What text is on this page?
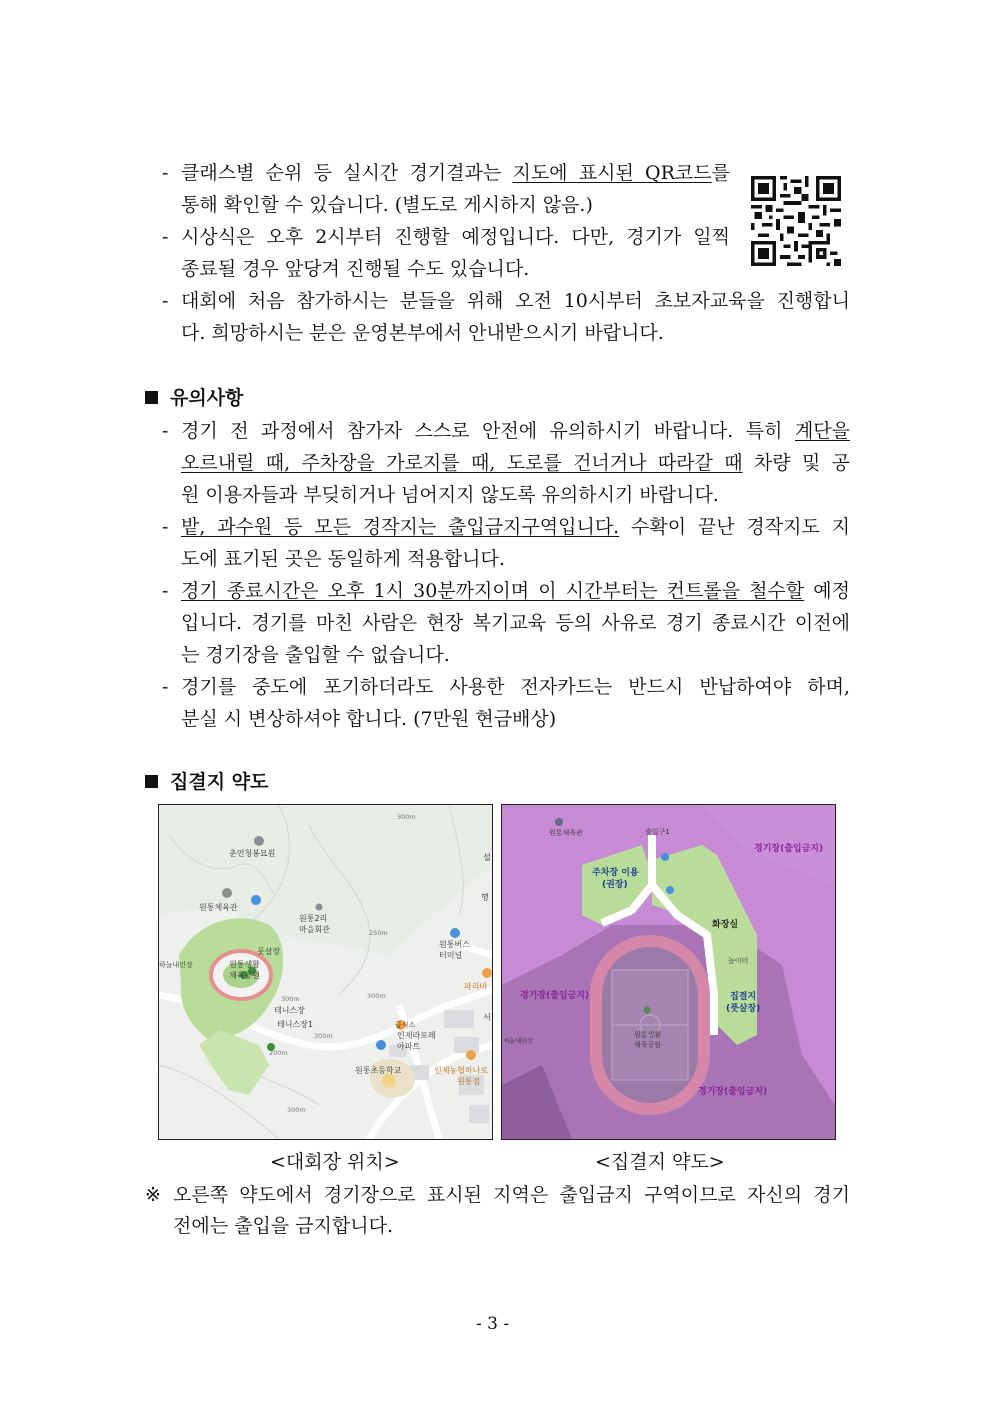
- 클래스별 순위 등 실시간 경기결과는 지도에 표시된 QR코드를
통해 확인할 수 있습니다. (별도로 게시하지 않음.)
- 시상식은 오후 2시부터 진행할 예정입니다. 다만, 경기가 일찍
종료될 경우 앞당겨 진행될 수도 있습니다.
- 대회에 처음 참가하시는 분들을 위해 오전 10시부터 초보자교육을 진행합니
다. 희망하시는 분은 운영본부에서 안내받으시기 바랍니다.
유의사항
- 경기 전 과정에서 참가자 스스로 안전에 유의하시기 바랍니다. 특히 계단을
오르내릴 때, 주차장을 가로지를 때, 도로를 건너거나 따라갈 때 차량 및 공
원 이용자들과 부딪히거나 넘어지지 않도록 유의하시기 바랍니다.
- 밭, 과수원 등 모든 경작지는 출입금지구역입니다. 수확이 끝난 경작지도 지
도에 표기된 곳은 동일하게 적용합니다.
- 경기 종료시간은 오후 1시 30분까지이며 이 시간부터는 컨트롤을 철수할 예정
입니다. 경기를 마친 사람은 현장 복기교육 등의 사유로 경기 종료시간 이전에
는 경기장을 출입할 수 없습니다.
- 경기를 중도에 포기하더라도 사용한 전자카드는 반드시 반납하여야 하며,
분실 시 변상하셔야 합니다. (7만원 현금배상)
집결지 약도
춘언청봉묘원
원통체육관
원통2리
마을회관
원통버스
터미널
풋살장
하늘내린장	원통생활
체육공원
테니스장
테니스장1
인제라포레
아파트
급식소
원통초등학교	인제농협하나로
원통점
파리바
설
행
서
300m
250m
300m	300m
300m
200m
300m
원통체육관	출입구1
놀이터
원통생활
체육공원
하늘내린장
주차장 이용
(권장)
경기장(출입금지)
화장실
경기장(출입금지)	집결지
(풋살장)
경기장(출입금지)
<대회장 위치>	<집결지 약도>
※ 오른쪽 약도에서 경기장으로 표시된 지역은 출입금지 구역이므로 자신의 경기
전에는 출입을 금지합니다.
- 3 -
